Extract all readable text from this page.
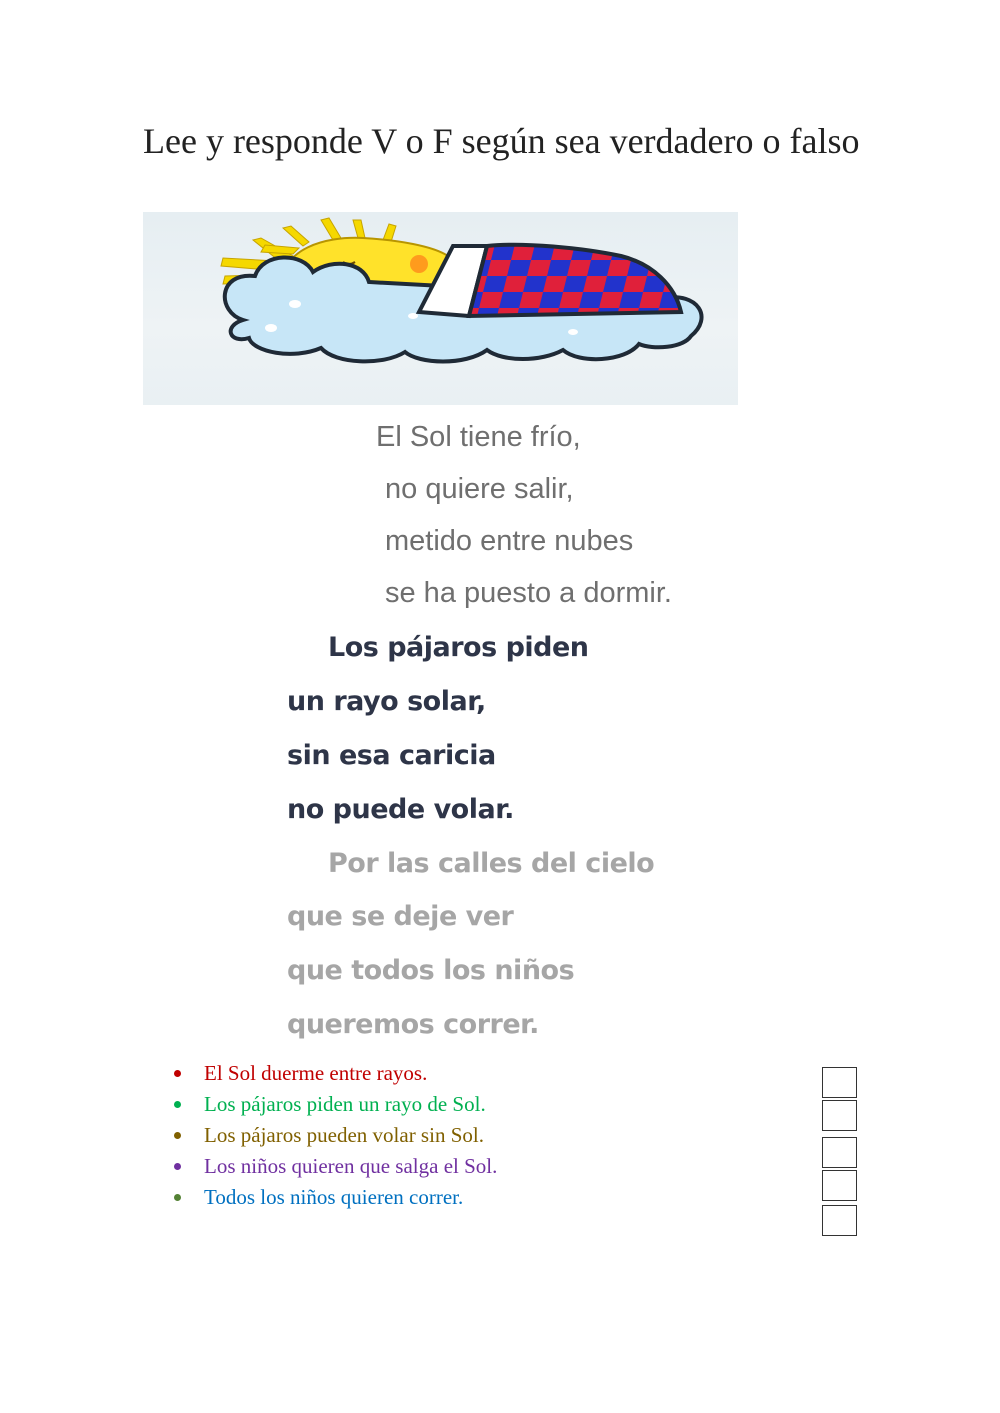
Lee y responde V o F según sea verdadero o falso
El Sol tiene frío,
no quiere salir,
metido entre nubes
se ha puesto a dormir.
Los pájaros piden
un rayo solar,
sin esa caricia
no puede volar.
Por las calles del cielo
que se deje ver
que todos los niños
queremos correr.
El Sol duerme entre rayos.
Los pájaros piden un rayo de Sol.
Los pájaros pueden volar sin Sol.
Los niños quieren que salga el Sol.
Todos los niños quieren correr.
